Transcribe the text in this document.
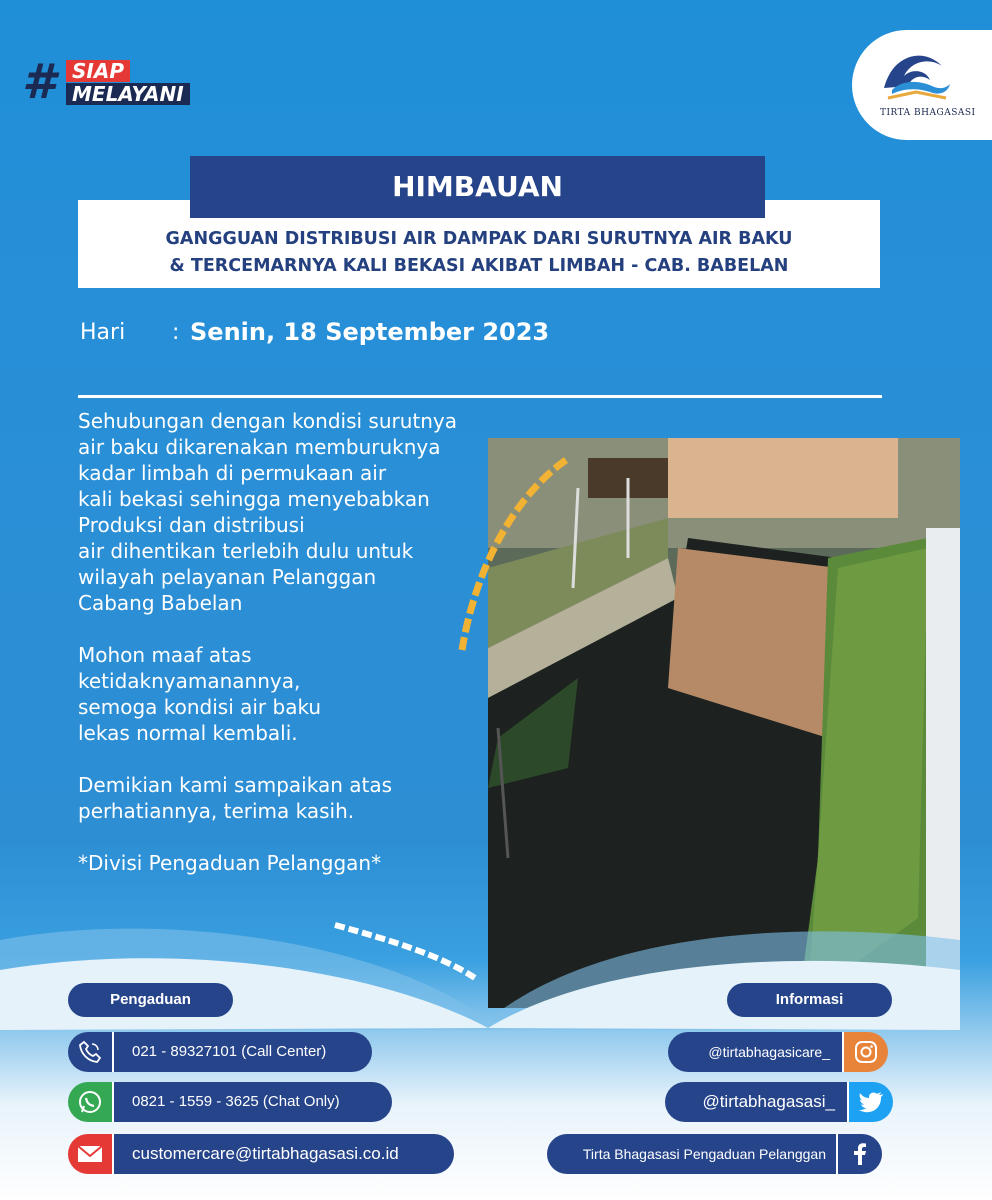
# SIAP
MELAYANI
TIRTA BHAGASASI
HIMBAUAN
GANGGUAN DISTRIBUSI AIR DAMPAK DARI SURUTNYA AIR BAKU
& TERCEMARNYA KALI BEKASI AKIBAT LIMBAH - CAB. BABELAN
Hari : Senin, 18 September 2023

Sehubungan dengan kondisi surutnya
air baku dikarenakan memburuknya
kadar limbah di permukaan air
kali bekasi sehingga menyebabkan
Produksi dan distribusi
air dihentikan terlebih dulu untuk
wilayah pelayanan Pelanggan
Cabang Babelan

Mohon maaf atas
ketidaknyamanannya,
semoga kondisi air baku
lekas normal kembali.

Demikian kami sampaikan atas
perhatiannya, terima kasih.

*Divisi Pengaduan Pelanggan*

Pengaduan
021 - 89327101 (Call Center)
0821 - 1559 - 3625 (Chat Only)
customercare@tirtabhagasasi.co.id
Informasi
@tirtabhagasicare_
@tirtabhagasasi_
Tirta Bhagasasi Pengaduan Pelanggan
